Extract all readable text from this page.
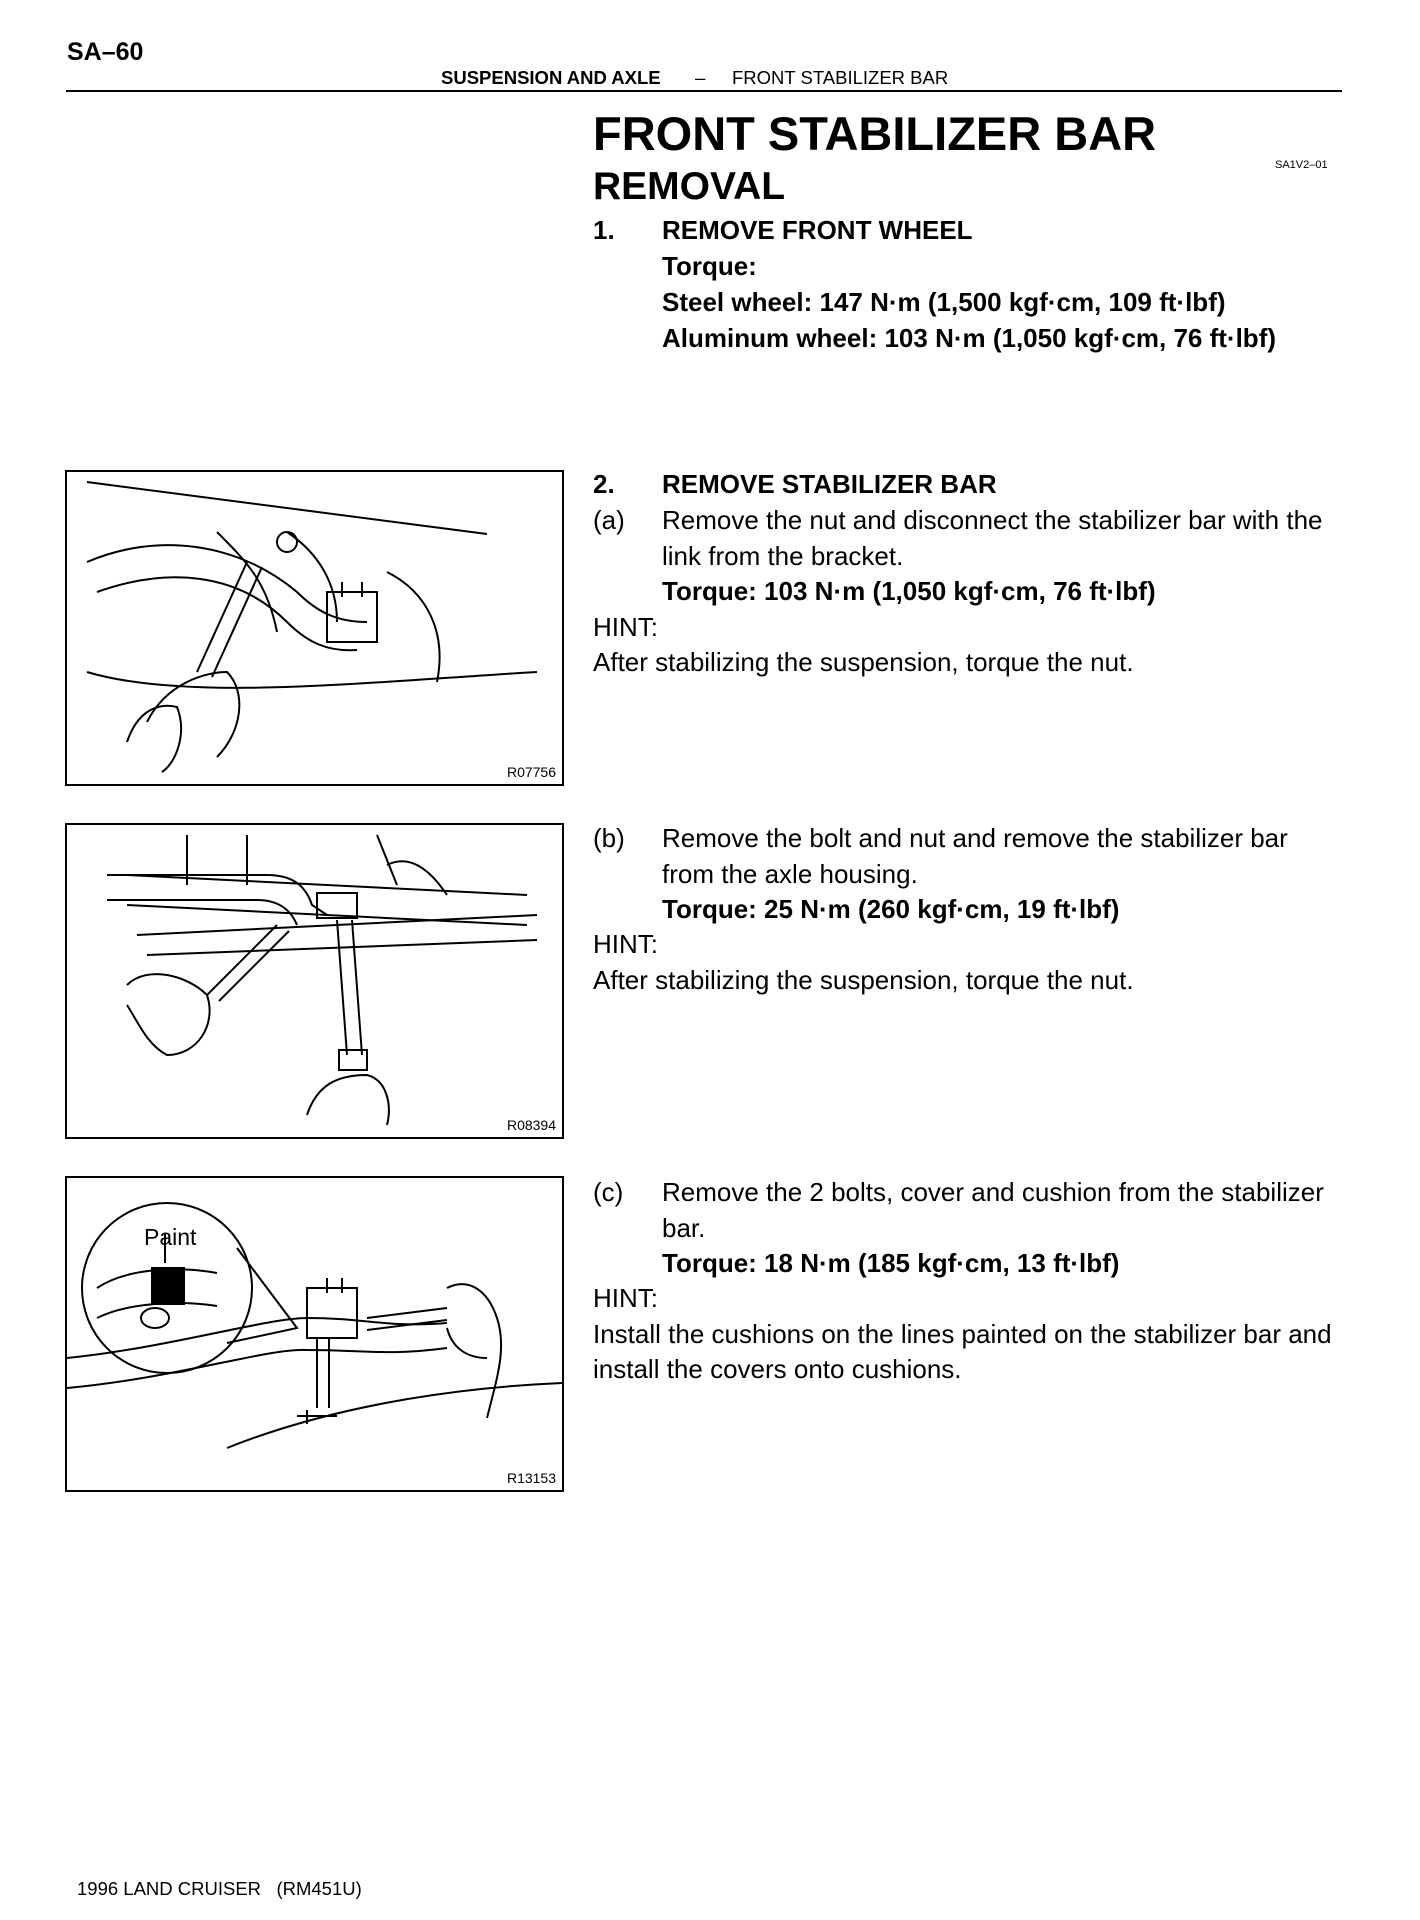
SA–60
SUSPENSION AND AXLE – FRONT STABILIZER BAR
FRONT STABILIZER BAR
REMOVAL	SA1V2–01
1. REMOVE FRONT WHEEL
Torque:
Steel wheel: 147 N·m (1,500 kgf·cm, 109 ft·lbf)
Aluminum wheel: 103 N·m (1,050 kgf·cm, 76 ft·lbf)
2. REMOVE STABILIZER BAR
(a) Remove the nut and disconnect the stabilizer bar with the
link from the bracket.
Torque: 103 N·m (1,050 kgf·cm, 76 ft·lbf)
HINT:
After stabilizing the suspension, torque the nut.
(b) Remove the bolt and nut and remove the stabilizer bar
from the axle housing.
Torque: 25 N·m (260 kgf·cm, 19 ft·lbf)
HINT:
After stabilizing the suspension, torque the nut.
(c) Remove the 2 bolts, cover and cushion from the stabilizer
bar.
Torque: 18 N·m (185 kgf·cm, 13 ft·lbf)
HINT:
Install the cushions on the lines painted on the stabilizer bar and
install the covers onto cushions.
R07756
R08394
Paint
R13153
1996 LAND CRUISER   (RM451U)
